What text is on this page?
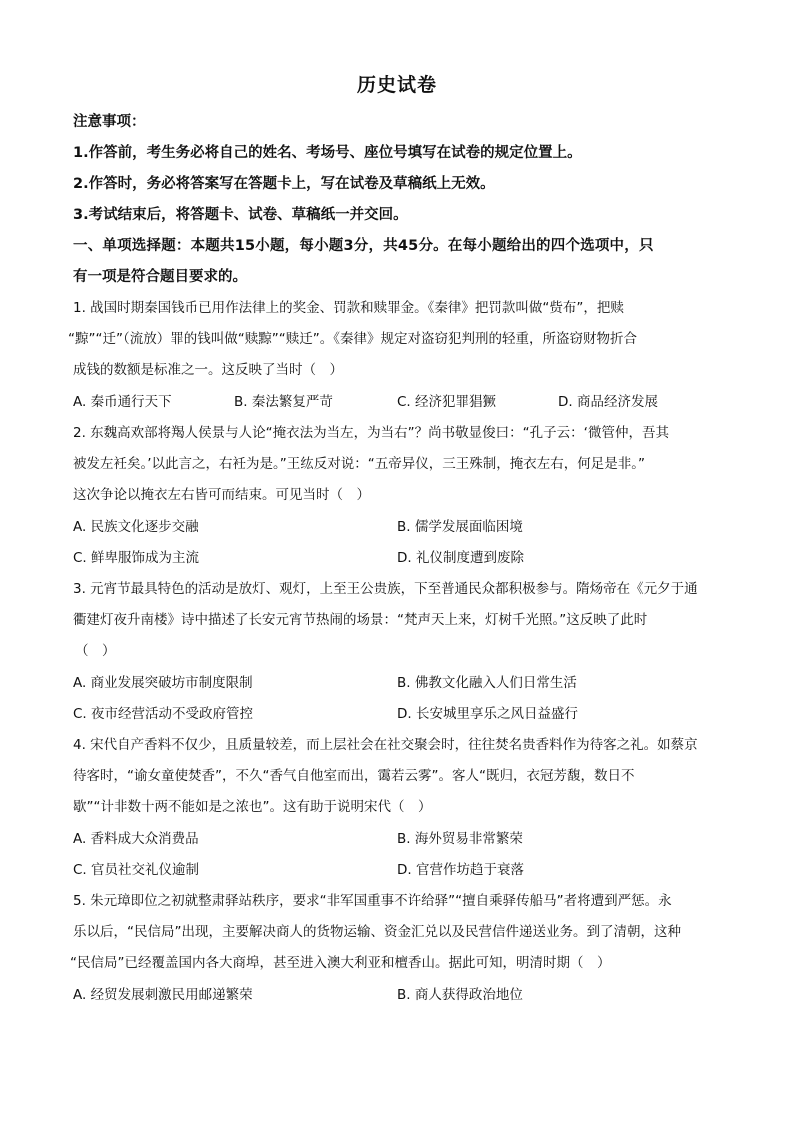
历史试卷
注意事项：
1.作答前，考生务必将自己的姓名、考场号、座位号填写在试卷的规定位置上。
2.作答时，务必将答案写在答题卡上，写在试卷及草稿纸上无效。
3.考试结束后，将答题卡、试卷、草稿纸一并交回。
一、单项选择题：本题共15小题，每小题3分，共45分。在每小题给出的四个选项中，只
有一项是符合题目要求的。
1. 战国时期秦国钱币已用作法律上的奖金、罚款和赎罪金。《秦律》把罚款叫做“赀布”，把赎
“黥”“迁”（流放）罪的钱叫做“赎黥”“赎迁”。《秦律》规定对盗窃犯判刑的轻重，所盗窃财物折合
成钱的数额是标准之一。这反映了当时（　）
A. 秦币通行天下	B. 秦法繁复严苛	C. 经济犯罪猖獗	D. 商品经济发展
2. 东魏高欢部将羯人侯景与人论“掩衣法为当左，为当右”？尚书敬显俊曰：“孔子云：‘微管仲，吾其
被发左衽矣。’以此言之，右衽为是。”王纮反对说：“五帝异仪，三王殊制，掩衣左右，何足是非。”
这次争论以掩衣左右皆可而结束。可见当时（　）
A. 民族文化逐步交融	B. 儒学发展面临困境
C. 鲜卑服饰成为主流	D. 礼仪制度遭到废除
3. 元宵节最具特色的活动是放灯、观灯，上至王公贵族，下至普通民众都积极参与。隋炀帝在《元夕于通
衢建灯夜升南楼》诗中描述了长安元宵节热闹的场景：“梵声天上来，灯树千光照。”这反映了此时
（　）
A. 商业发展突破坊市制度限制	B. 佛教文化融入人们日常生活
C. 夜市经营活动不受政府管控	D. 长安城里享乐之风日益盛行
4. 宋代自产香料不仅少，且质量较差，而上层社会在社交聚会时，往往焚名贵香料作为待客之礼。如蔡京
待客时，“谕女童使焚香”，不久“香气自他室而出，霭若云雾”。客人“既归，衣冠芳馥，数日不
歇”“计非数十两不能如是之浓也”。这有助于说明宋代（　）
A. 香料成大众消费品	B. 海外贸易非常繁荣
C. 官员社交礼仪逾制	D. 官营作坊趋于衰落
5. 朱元璋即位之初就整肃驿站秩序，要求“非军国重事不许给驿”“擅自乘驿传船马”者将遭到严惩。永
乐以后，“民信局”出现，主要解决商人的货物运输、资金汇兑以及民营信件递送业务。到了清朝，这种
“民信局”已经覆盖国内各大商埠，甚至进入澳大利亚和檀香山。据此可知，明清时期（　）
A. 经贸发展刺激民用邮递繁荣	B. 商人获得政治地位
